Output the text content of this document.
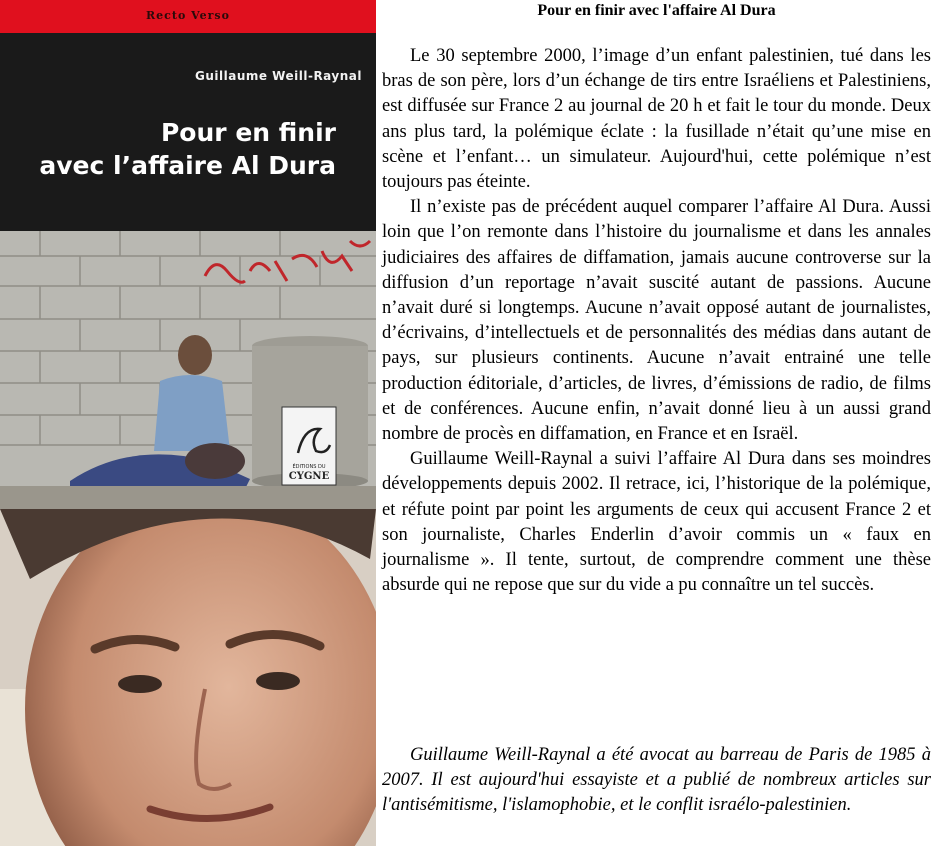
Recto Verso
Guillaume Weill-Raynal
Pour en finir
avec l’affaire Al Dura
ÉDITIONS DU
CYGNE
Pour en finir avec l'affaire Al Dura

Le 30 septembre 2000, l’image d’un enfant palestinien, tué dans les bras de son père, lors d’un échange de tirs entre Israéliens et Palestiniens, est diffusée sur France 2 au journal de 20 h et fait le tour du monde. Deux ans plus tard, la polémique éclate : la fusillade n’était qu’une mise en scène et l’enfant… un simulateur. Aujourd'hui, cette polémique n’est toujours pas éteinte.

Il n’existe pas de précédent auquel comparer l’affaire Al Dura. Aussi loin que l’on remonte dans l’histoire du journalisme et dans les annales judiciaires des affaires de diffamation, jamais aucune controverse sur la diffusion d’un reportage n’avait suscité autant de passions. Aucune n’avait duré si longtemps. Aucune n’avait opposé autant de journalistes, d’écrivains, d’intellectuels et de personnalités des médias dans autant de pays, sur plusieurs continents. Aucune n’avait entrainé une telle production éditoriale, d’articles, de livres, d’émissions de radio, de films et de conférences. Aucune enfin, n’avait donné lieu à un aussi grand nombre de procès en diffamation, en France et en Israël.

Guillaume Weill-Raynal a suivi l’affaire Al Dura dans ses moindres développements depuis 2002. Il retrace, ici, l’historique de la polémique, et réfute point par point les arguments de ceux qui accusent France 2 et son journaliste, Charles Enderlin d’avoir commis un « faux en journalisme ». Il tente, surtout, de comprendre comment une thèse absurde qui ne repose que sur du vide a pu connaître un tel succès.

Guillaume Weill-Raynal a été avocat au barreau de Paris de 1985 à 2007. Il est aujourd'hui essayiste et a publié de nombreux articles sur l'antisémitisme, l'islamophobie, et le conflit israélo-palestinien.
